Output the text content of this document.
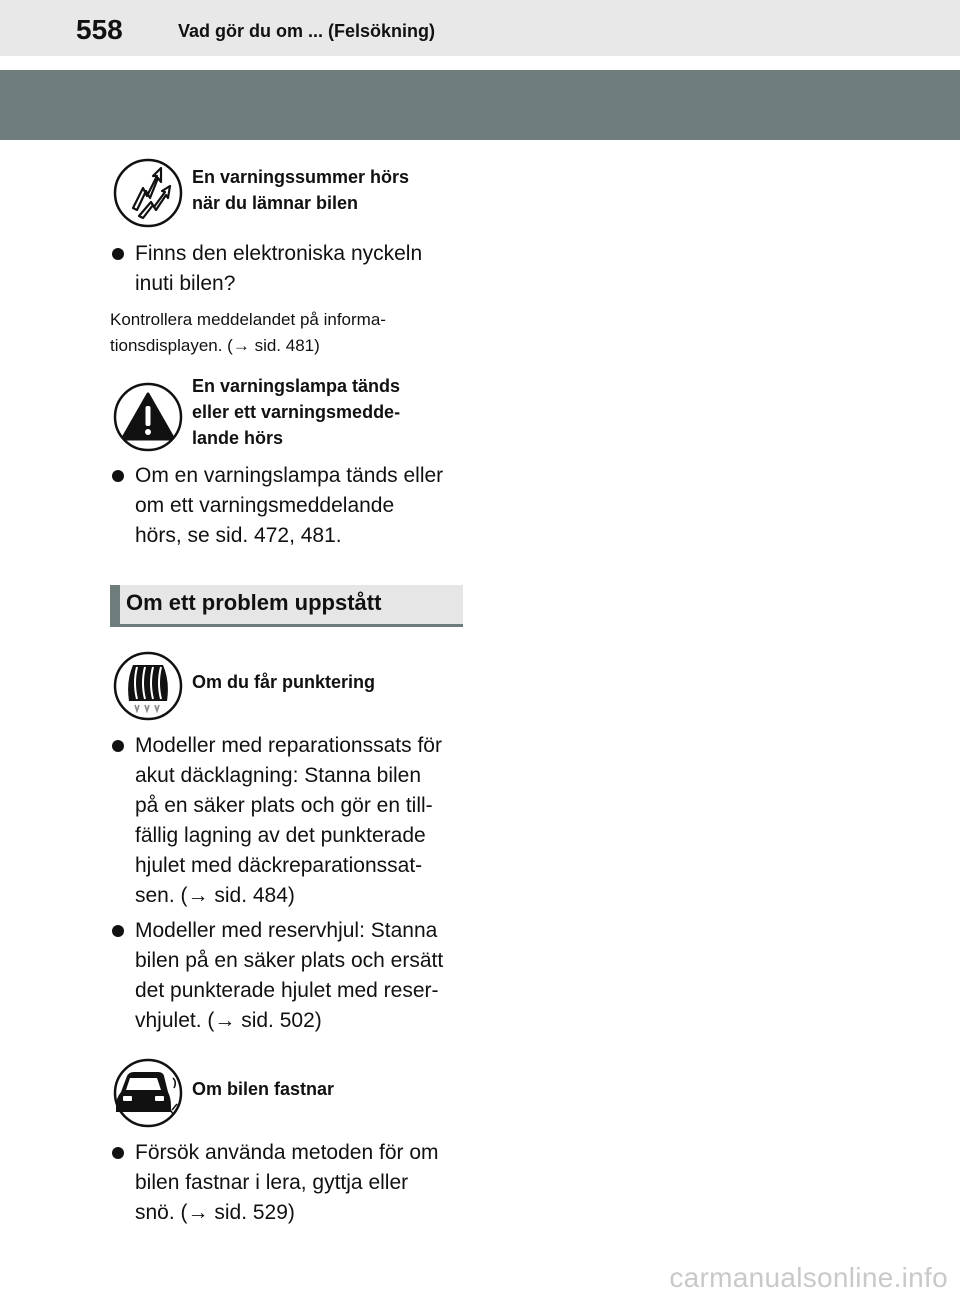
558	Vad gör du om ... (Felsökning)
En varningssummer hörs
när du lämnar bilen
Finns den elektroniska nyckeln
inuti bilen?
Kontrollera meddelandet på informa-
tionsdisplayen. (→ sid. 481)
En varningslampa tänds
eller ett varningsmedde-
lande hörs
Om en varningslampa tänds eller
om ett varningsmeddelande
hörs, se sid. 472, 481.
Om ett problem uppstått
Om du får punktering
Modeller med reparationssats för
akut däcklagning: Stanna bilen
på en säker plats och gör en till-
fällig lagning av det punkterade
hjulet med däckreparationssat-
sen. (→ sid. 484)
Modeller med reservhjul: Stanna
bilen på en säker plats och ersätt
det punkterade hjulet med reser-
vhjulet. (→ sid. 502)
Om bilen fastnar
Försök använda metoden för om
bilen fastnar i lera, gyttja eller
snö. (→ sid. 529)
carmanualsonline.info
